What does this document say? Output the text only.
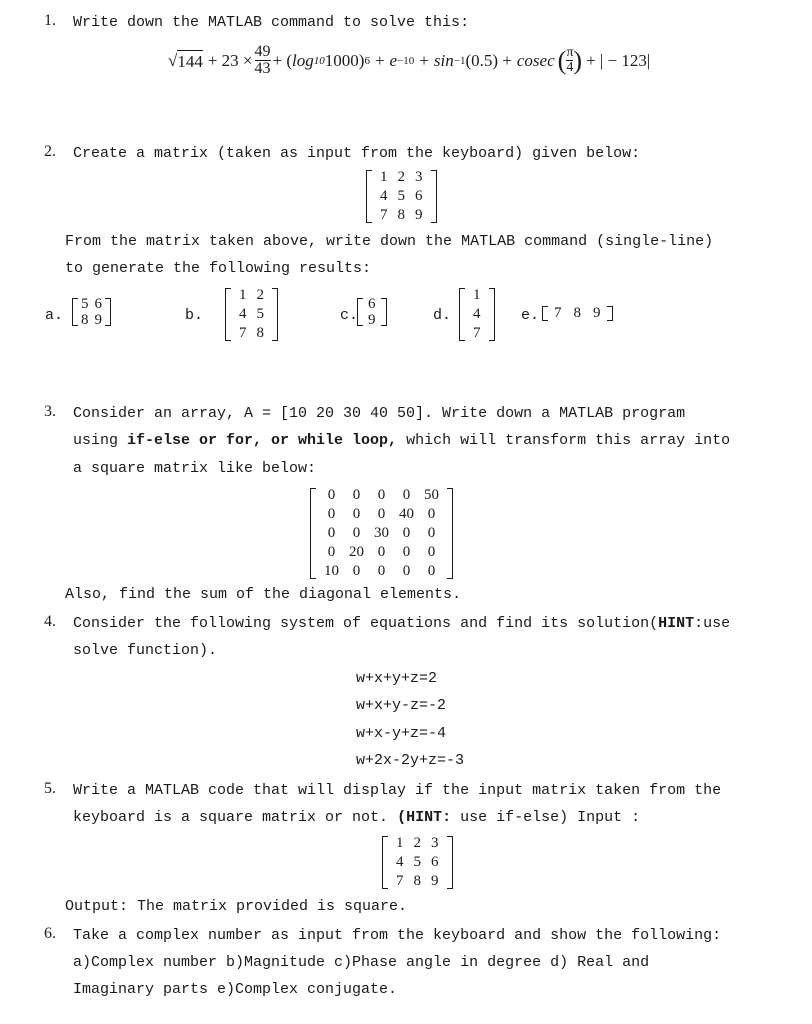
1. Write down the MATLAB command to solve this:
√ $144 + 23 \times \frac{49}{43}$ + ( log 10 1000) 6 + e −10 + sin −1 (0.5) + cosec ( $\frac{\pi}{4}$ ) + | − 123|
2. Create a matrix (taken as input from the keyboard) given below:
1	2	3
4	5	6
7	8	9
From the matrix taken above, write down the MATLAB command (single-line)
to generate the following results:
a.
5	6
8	9	b.
1	2
4	5
7	8
c.
6
9	d.
1
4
7
e. 7	8	9
3. Consider an array, A = [10 20 30 40 50]. Write down a MATLAB program
using if-else or for, or while loop, which will transform this array into
a square matrix like below:
0	0	0	0	50
0	0	0	40	0
0	0	30	0	0
0	20	0	0	0
10	0	0	0	0
Also, find the sum of the diagonal elements.
4. Consider the following system of equations and find its solution(HINT:use
solve function).
w+x+y+z=2
w+x+y-z=-2
w+x-y+z=-4
w+2x-2y+z=-3
5. Write a MATLAB code that will display if the input matrix taken from the
keyboard is a square matrix or not. (HINT: use if-else) Input :
1	2	3
4	5	6
7	8	9
Output: The matrix provided is square.
6. Take a complex number as input from the keyboard and show the following:
a)Complex number b)Magnitude c)Phase angle in degree d) Real and
Imaginary parts e)Complex conjugate.
